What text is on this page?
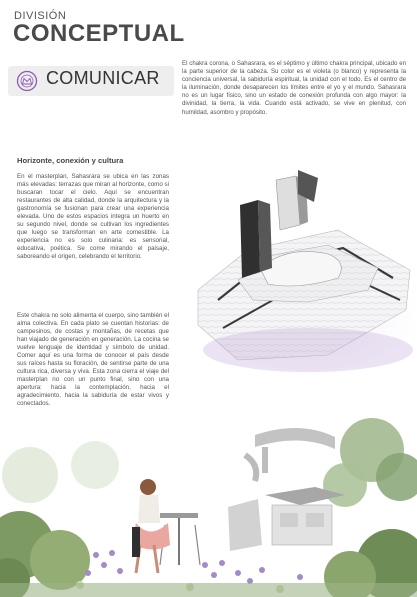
DIVISIÓN
CONCEPTUAL
COMUNICAR
El chakra corona, o Sahasrara, es el séptimo y último chakra principal, ubicado en la parte superior de la cabeza. Su color es el violeta (o blanco) y representa la conciencia universal, la sabiduría espiritual, la unidad con el todo. Es el centro de la iluminación, donde desaparecen los límites entre el yo y el mundo. Sahasrara no es un lugar físico, sino un estado de conexión profunda con algo mayor: la divinidad, la tierra, la vida. Cuando está activado, se vive en plenitud, con humildad, asombro y propósito.
Horizonte, conexión y cultura
En el masterplan, Sahasrara se ubica en las zonas más elevadas: terrazas que miran al horizonte, como si buscaran tocar el cielo. Aquí se encuentran restaurantes de alta calidad, donde la arquitectura y la gastronomía se fusionan para crear una experiencia elevada. Uno de estos espacios integra un huerto en su segundo nivel, donde se cultivan los ingredientes que luego se transforman en arte comestible. La experiencia no es solo culinaria: es sensorial, educativa, poética. Se come mirando el paisaje, saboreando el origen, celebrando el territorio.
Este chakra no solo alimenta el cuerpo, sino también el alma colectiva. En cada plato se cuentan historias: de campesinos, de costas y montañas, de recetas que han viajado de generación en generación. La cocina se vuelve lenguaje de identidad y símbolo de unidad. Comer aquí es una forma de conocer el país desde sus raíces hasta su floración, de sentirse parte de una cultura rica, diversa y viva. Esta zona cierra el viaje del masterplan no con un punto final, sino con una apertura: hacia la contemplación, hacia el agradecimiento, hacia la sabiduría de estar vivos y conectados.
